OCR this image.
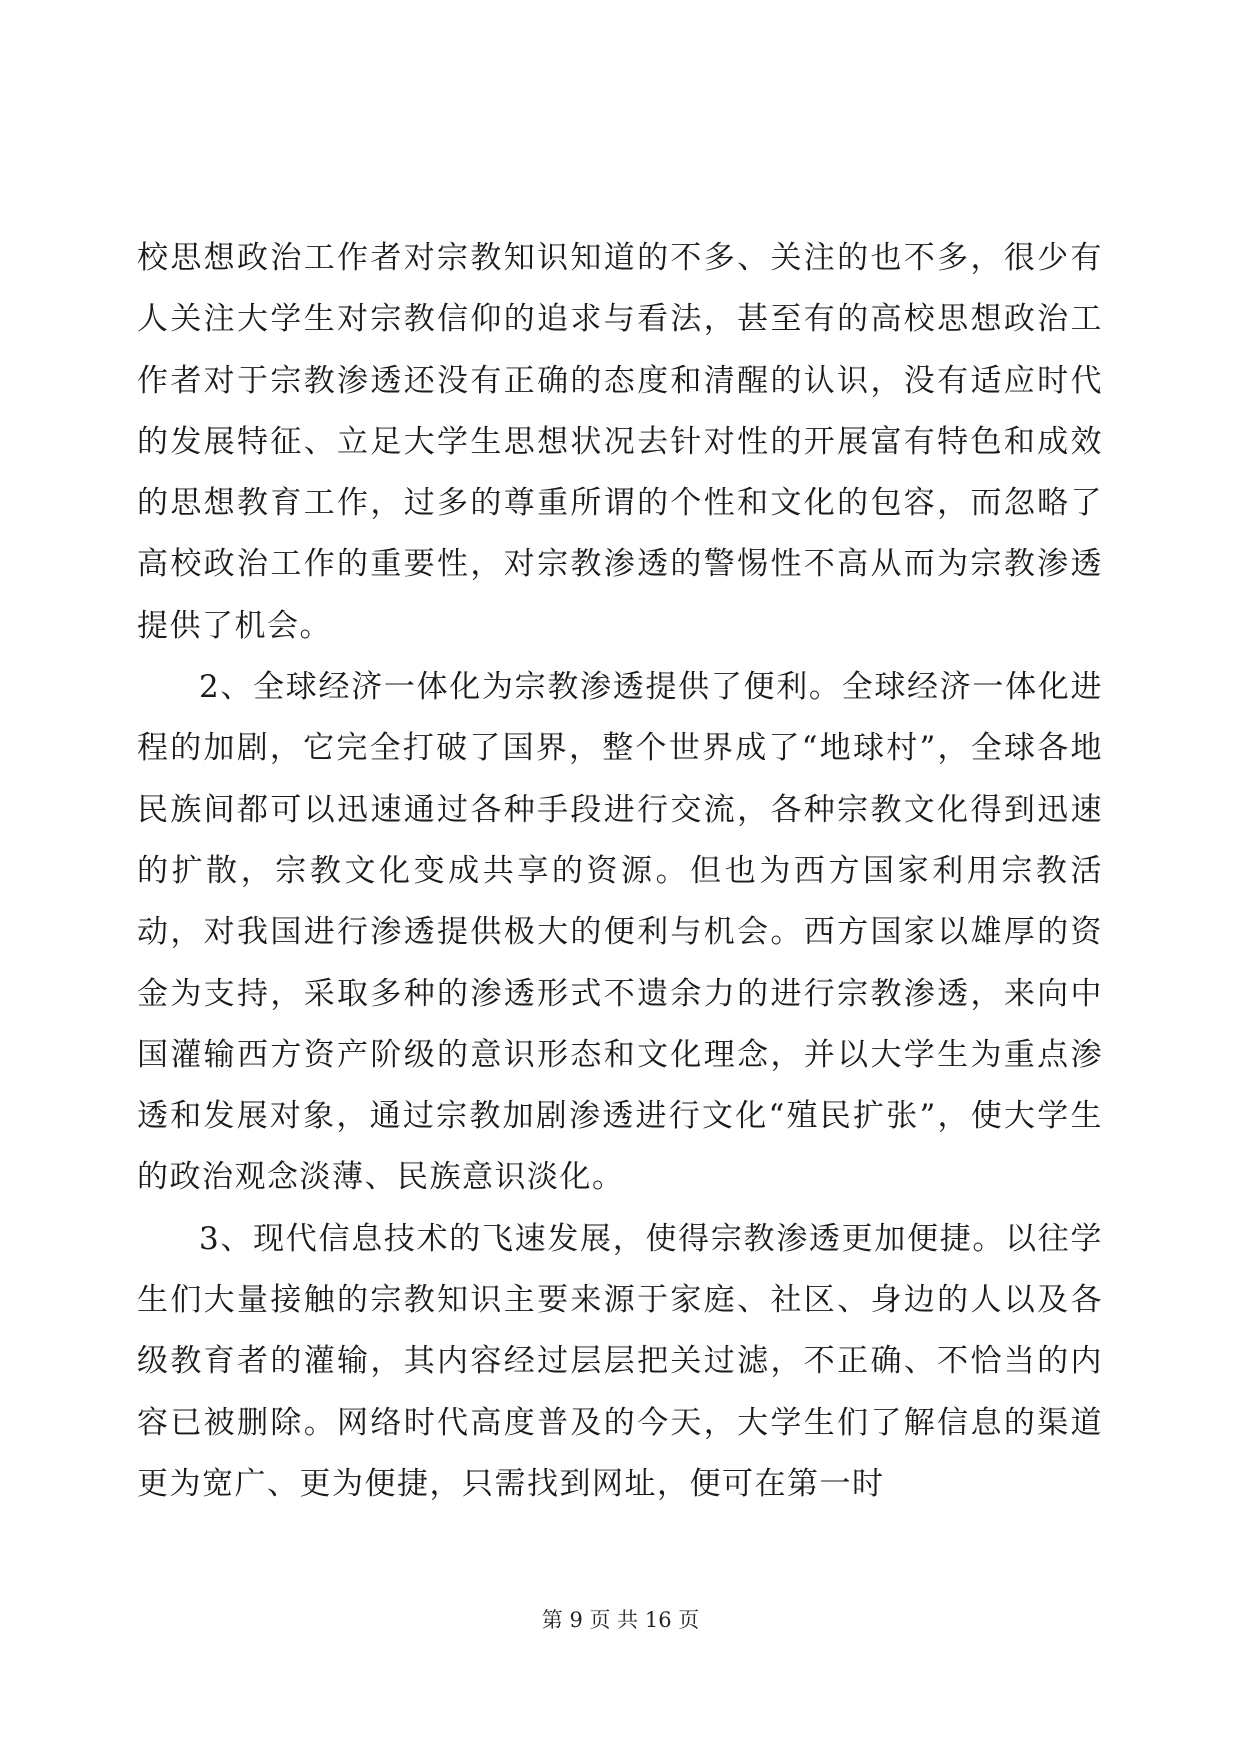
校思想政治工作者对宗教知识知道的不多、关注的也不多，很少有人关注大学生对宗教信仰的追求与看法，甚至有的高校思想政治工作者对于宗教渗透还没有正确的态度和清醒的认识，没有适应时代的发展特征、立足大学生思想状况去针对性的开展富有特色和成效的思想教育工作，过多的尊重所谓的个性和文化的包容，而忽略了高校政治工作的重要性，对宗教渗透的警惕性不高从而为宗教渗透提供了机会。

2、全球经济一体化为宗教渗透提供了便利。全球经济一体化进程的加剧，它完全打破了国界，整个世界成了“地球村”，全球各地民族间都可以迅速通过各种手段进行交流，各种宗教文化得到迅速的扩散，宗教文化变成共享的资源。但也为西方国家利用宗教活动，对我国进行渗透提供极大的便利与机会。西方国家以雄厚的资金为支持，采取多种的渗透形式不遗余力的进行宗教渗透，来向中国灌输西方资产阶级的意识形态和文化理念，并以大学生为重点渗透和发展对象，通过宗教加剧渗透进行文化“殖民扩张”，使大学生的政治观念淡薄、民族意识淡化。

3、现代信息技术的飞速发展，使得宗教渗透更加便捷。以往学生们大量接触的宗教知识主要来源于家庭、社区、身边的人以及各级教育者的灌输，其内容经过层层把关过滤，不正确、不恰当的内容已被删除。网络时代高度普及的今天，大学生们了解信息的渠道更为宽广、更为便捷，只需找到网址，便可在第一时

第 9 页 共 16 页
